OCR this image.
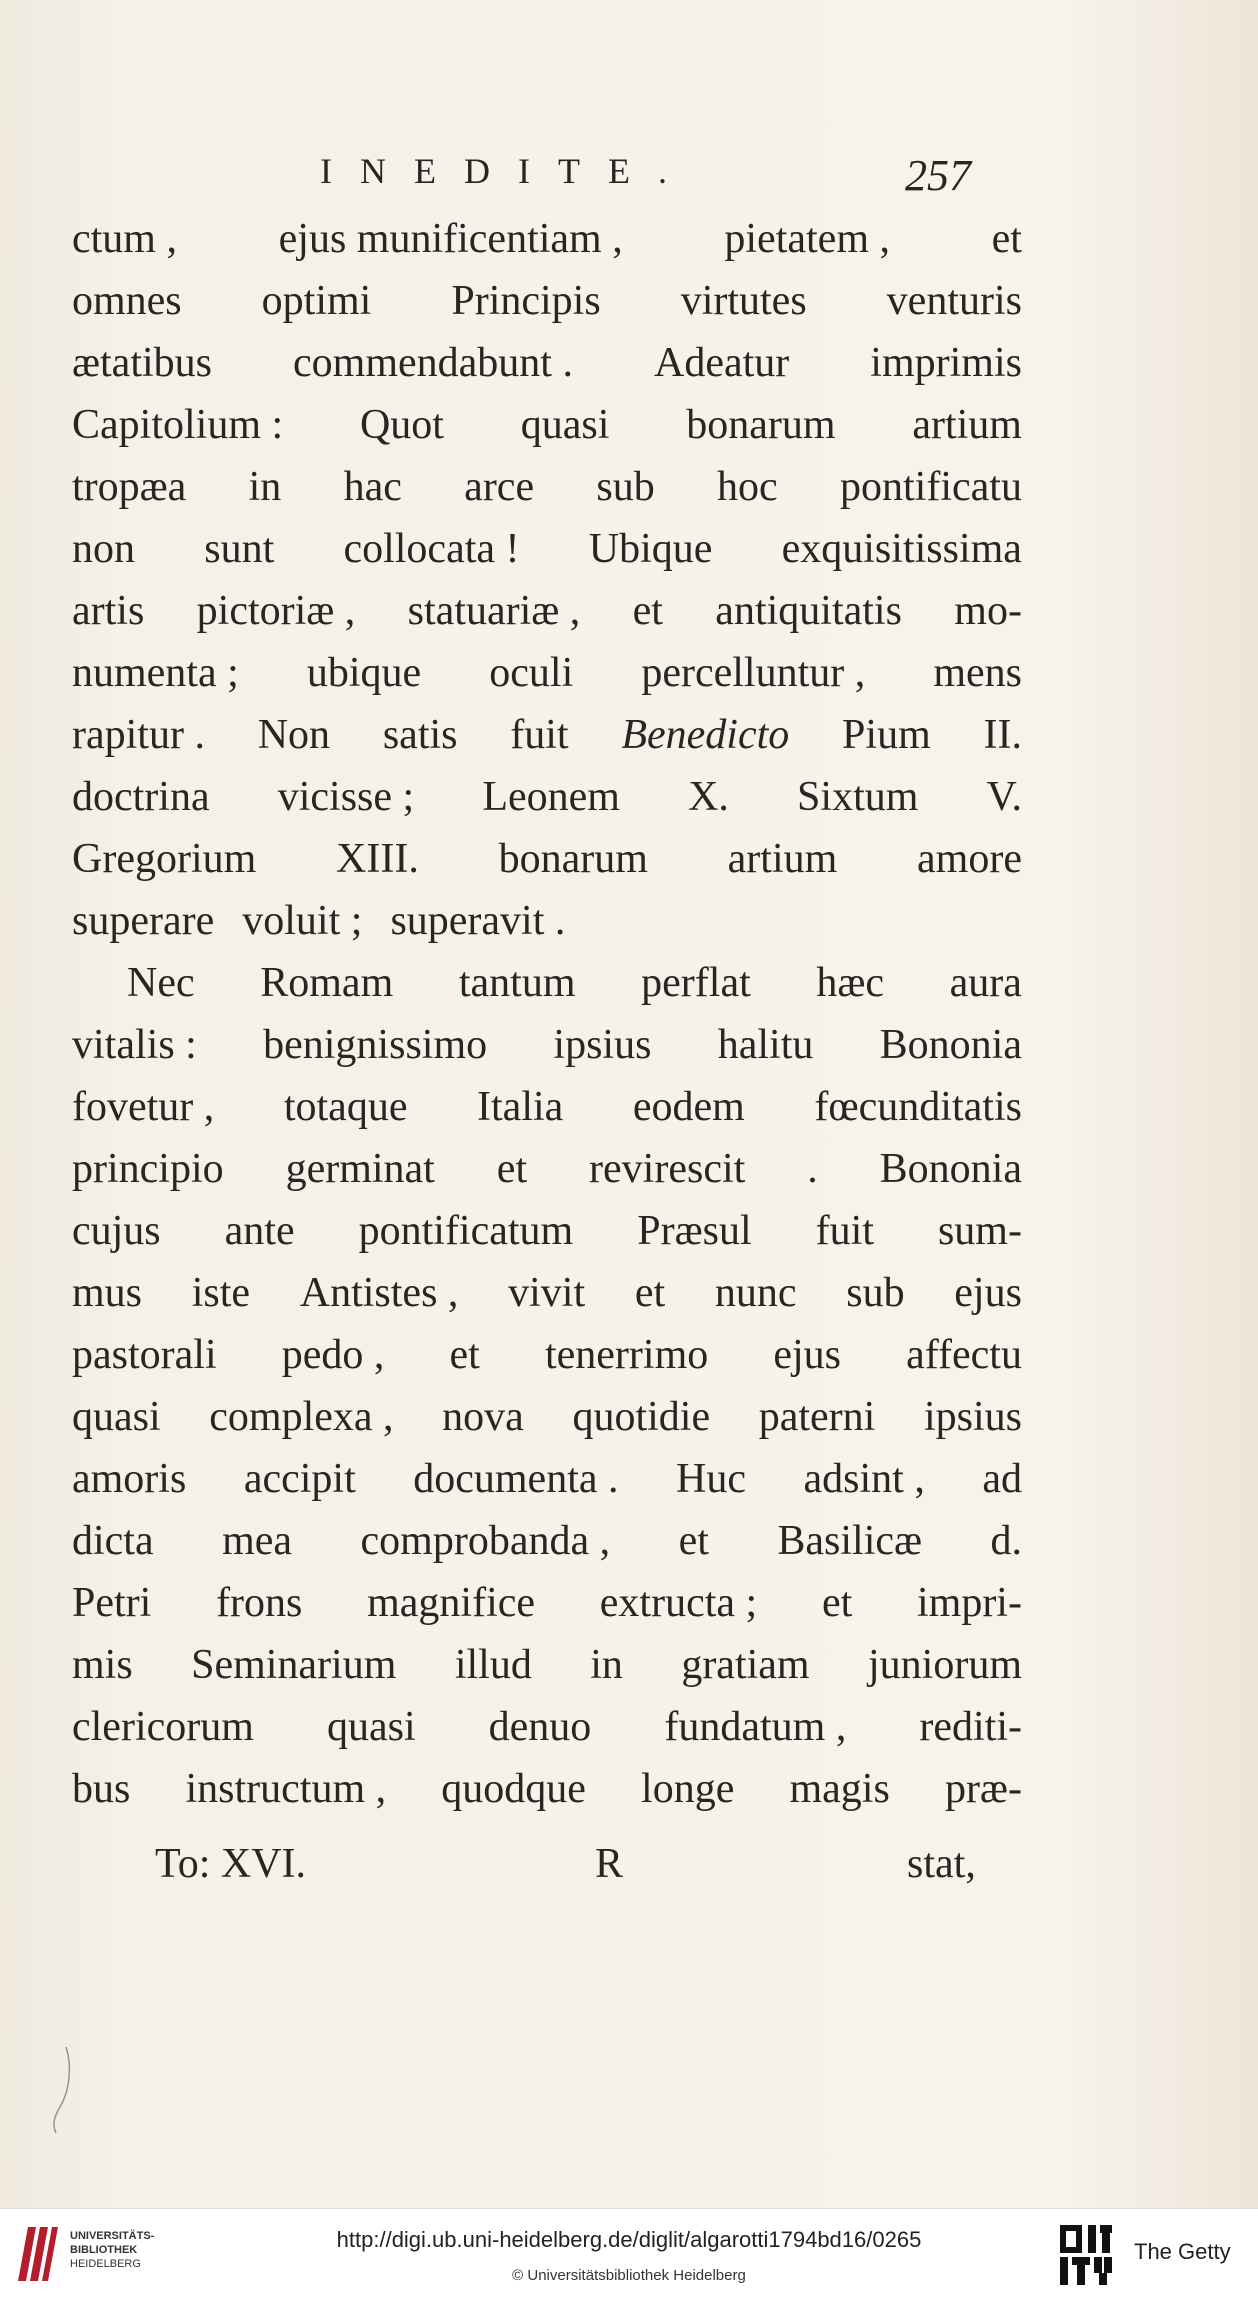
INEDITE.	257
ctum , ejus munificentiam , pietatem , et
omnes optimi Principis virtutes venturis
ætatibus commendabunt . Adeatur imprimis
Capitolium : Quot quasi bonarum artium
tropæa in hac arce sub hoc pontificatu
non sunt collocata ! Ubique exquisitissima
artis pictoriæ , statuariæ , et antiquitatis mo-
numenta ; ubique oculi percelluntur , mens
rapitur . Non satis fuit Benedicto Pium II.
doctrina vicisse ; Leonem X. Sixtum V.
Gregorium XIII. bonarum artium amore
superare voluit ; superavit .
Nec Romam tantum perflat hæc aura
vitalis : benignissimo ipsius halitu Bononia
fovetur , totaque Italia eodem fœcunditatis
principio germinat et revirescit . Bononia
cujus ante pontificatum Præsul fuit sum-
mus iste Antistes , vivit et nunc sub ejus
pastorali pedo , et tenerrimo ejus affectu
quasi complexa , nova quotidie paterni ipsius
amoris accipit documenta . Huc adsint , ad
dicta mea comprobanda , et Basilicæ d.
Petri frons magnifice extructa ; et impri-
mis Seminarium illud in gratiam juniorum
clericorum quasi denuo fundatum , rediti-
bus instructum , quodque longe magis præ-
To: XVI.	R	stat,
UNIVERSITÄTS-
BIBLIOTHEK
HEIDELBERG
http://digi.ub.uni-heidelberg.de/diglit/algarotti1794bd16/0265
© Universitätsbibliothek Heidelberg
The Getty
